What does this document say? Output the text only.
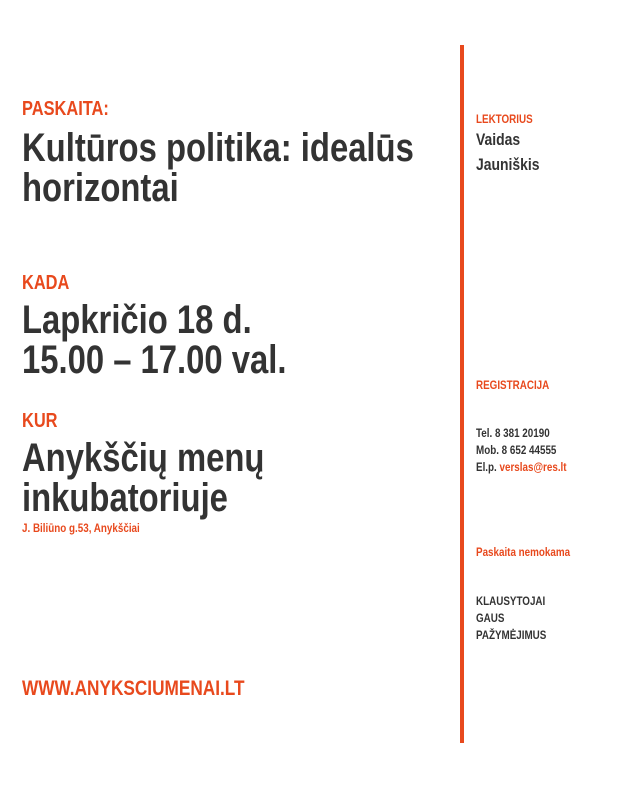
PASKAITA:
Kultūros politika: idealūs
horizontai
KADA
Lapkričio 18 d.
15.00 – 17.00 val.
KUR
Anykščių menų
inkubatoriuje
J. Biliūno g.53, Anykščiai
WWW.ANYKSCIUMENAI.LT
LEKTORIUS
Vaidas
Jauniškis
REGISTRACIJA
Tel. 8 381 20190
Mob. 8 652 44555
El.p. verslas@res.lt
Paskaita nemokama
KLAUSYTOJAI
GAUS
PAŽYMĖJIMUS
